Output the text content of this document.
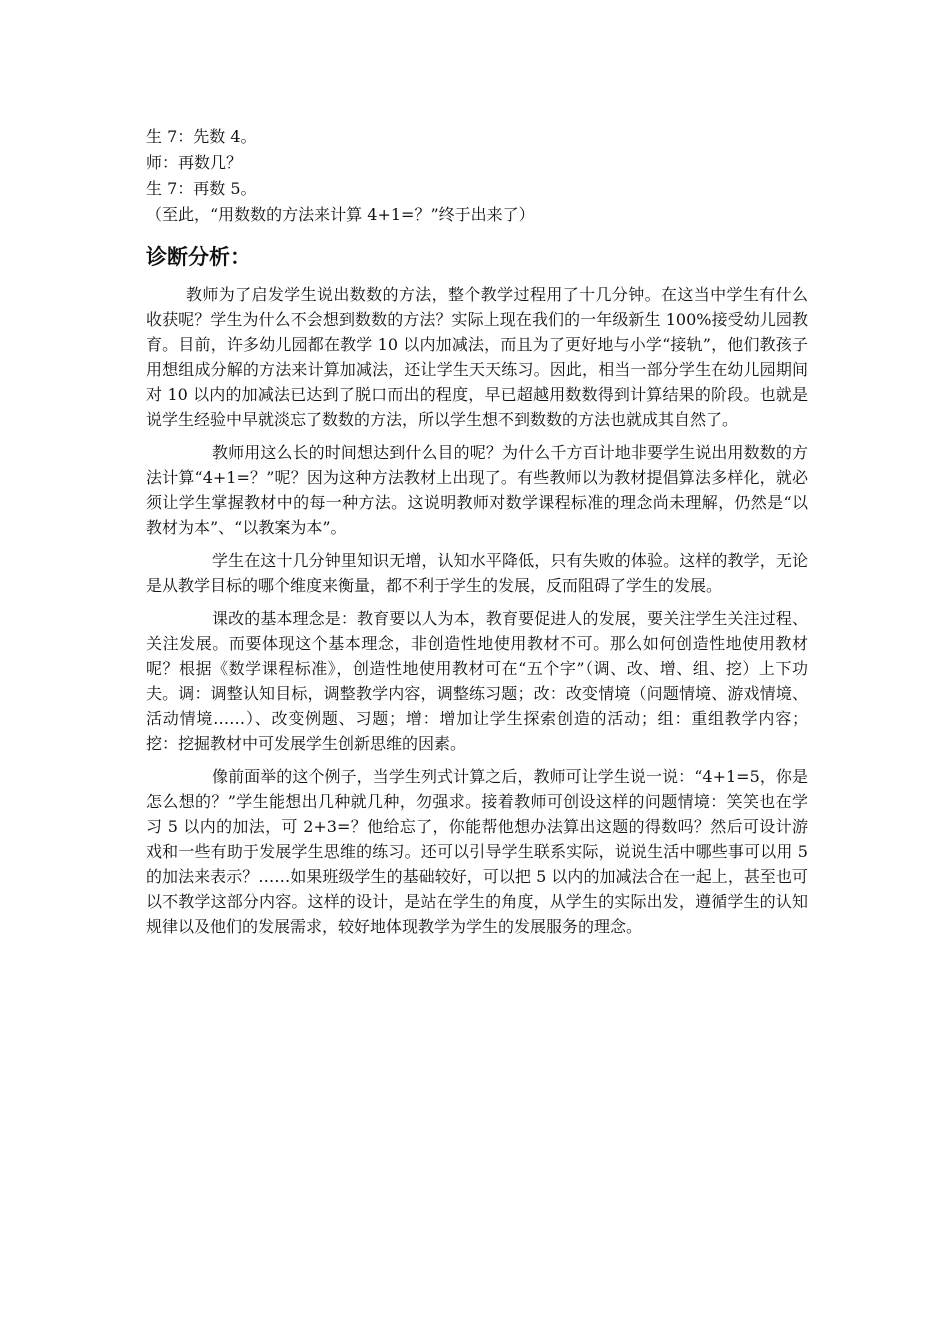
生 7：先数 4。

师：再数几？

生 7：再数 5。

（至此，“用数数的方法来计算 4+1=？”终于出来了）

诊断分析：

教师为了启发学生说出数数的方法，整个教学过程用了十几分钟。在这当中学生有什么收获呢？学生为什么不会想到数数的方法？实际上现在我们的一年级新生 100%接受幼儿园教育。目前，许多幼儿园都在教学 10 以内加减法，而且为了更好地与小学“接轨”，他们教孩子用想组成分解的方法来计算加减法，还让学生天天练习。因此，相当一部分学生在幼儿园期间对 10 以内的加减法已达到了脱口而出的程度，早已超越用数数得到计算结果的阶段。也就是说学生经验中早就淡忘了数数的方法，所以学生想不到数数的方法也就成其自然了。

教师用这么长的时间想达到什么目的呢？为什么千方百计地非要学生说出用数数的方法计算“4+1=？”呢？因为这种方法教材上出现了。有些教师以为教材提倡算法多样化，就必须让学生掌握教材中的每一种方法。这说明教师对数学课程标准的理念尚未理解，仍然是“以教材为本”、“以教案为本”。

学生在这十几分钟里知识无增，认知水平降低，只有失败的体验。这样的教学，无论是从教学目标的哪个维度来衡量，都不利于学生的发展，反而阻碍了学生的发展。

课改的基本理念是：教育要以人为本，教育要促进人的发展，要关注学生关注过程、关注发展。而要体现这个基本理念，非创造性地使用教材不可。那么如何创造性地使用教材呢？根据《数学课程标准》，创造性地使用教材可在“五个字”（调、改、增、组、挖）上下功夫。调：调整认知目标，调整教学内容，调整练习题；改：改变情境（问题情境、游戏情境、活动情境……）、改变例题、习题；增：增加让学生探索创造的活动；组：重组教学内容；挖：挖掘教材中可发展学生创新思维的因素。

像前面举的这个例子，当学生列式计算之后，教师可让学生说一说：“4+1=5，你是怎么想的？”学生能想出几种就几种，勿强求。接着教师可创设这样的问题情境：笑笑也在学习 5 以内的加法，可 2+3=？他给忘了，你能帮他想办法算出这题的得数吗？然后可设计游戏和一些有助于发展学生思维的练习。还可以引导学生联系实际，说说生活中哪些事可以用 5 的加法来表示？……如果班级学生的基础较好，可以把 5 以内的加减法合在一起上，甚至也可以不教学这部分内容。这样的设计，是站在学生的角度，从学生的实际出发，遵循学生的认知规律以及他们的发展需求，较好地体现教学为学生的发展服务的理念。
